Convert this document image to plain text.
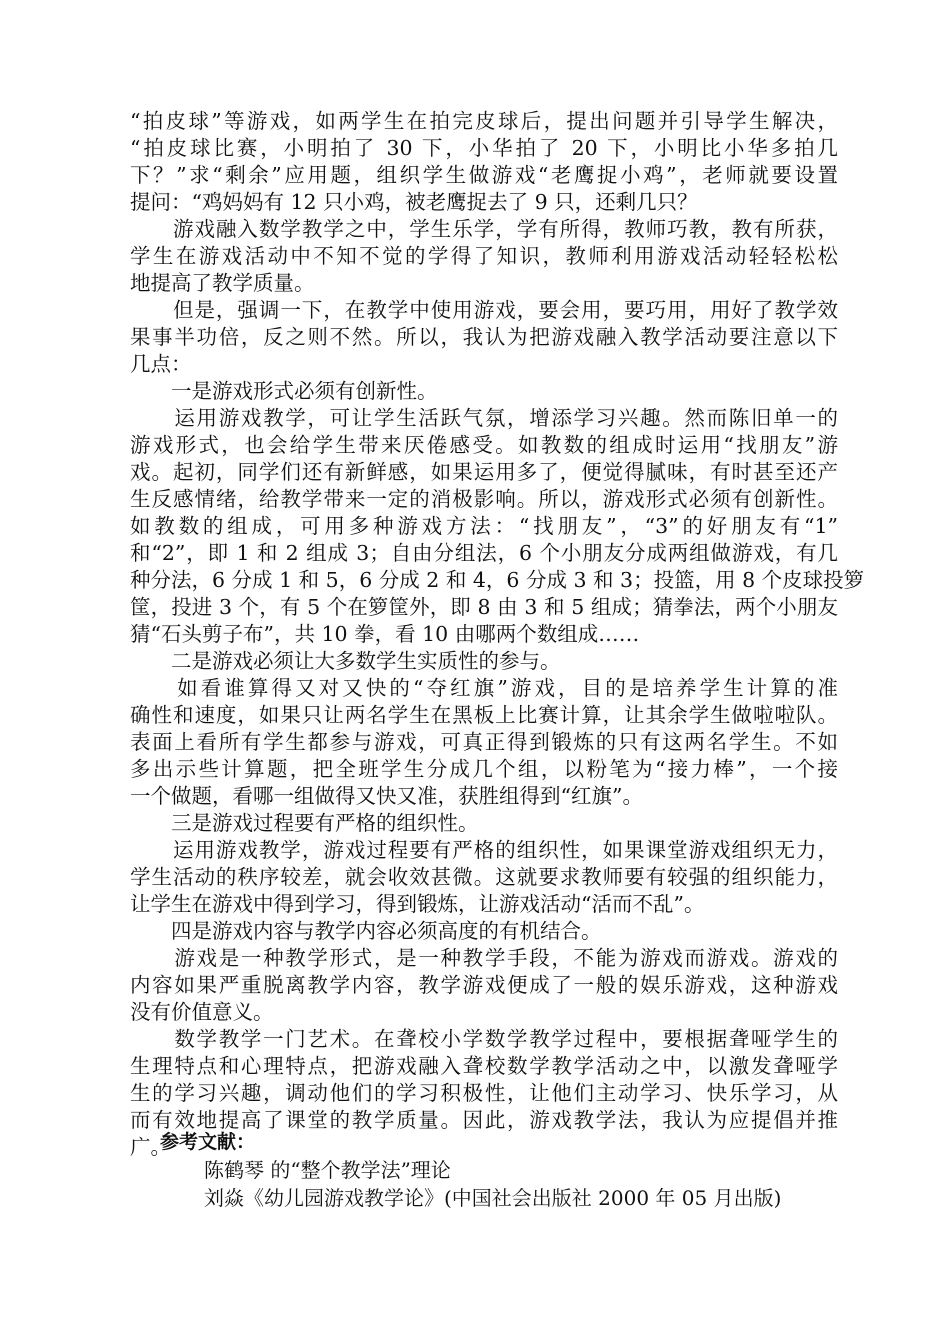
“拍皮球”等游戏，如两学生在拍完皮球后，提出问题并引导学生解决，
“拍皮球比赛，小明拍了 30 下，小华拍了 20 下，小明比小华多拍几
下？”求“剩余”应用题，组织学生做游戏“老鹰捉小鸡”，老师就要设置
提问：“鸡妈妈有 12 只小鸡，被老鹰捉去了 9 只，还剩几只？
　　游戏融入数学教学之中，学生乐学，学有所得，教师巧教，教有所获，
学生在游戏活动中不知不觉的学得了知识，教师利用游戏活动轻轻松松
地提高了教学质量。
　　但是，强调一下，在教学中使用游戏，要会用，要巧用，用好了教学效
果事半功倍，反之则不然。所以，我认为把游戏融入教学活动要注意以下
几点：
　　一是游戏形式必须有创新性。
　　运用游戏教学，可让学生活跃气氛，增添学习兴趣。然而陈旧单一的
游戏形式，也会给学生带来厌倦感受。如教数的组成时运用“找朋友”游
戏。起初，同学们还有新鲜感，如果运用多了，便觉得腻味，有时甚至还产
生反感情绪，给教学带来一定的消极影响。所以，游戏形式必须有创新性。
如教数的组成，可用多种游戏方法：“找朋友”，“3”的好朋友有“1”
和“2”，即 1 和 2 组成 3；自由分组法，6 个小朋友分成两组做游戏，有几
种分法，6 分成 1 和 5，6 分成 2 和 4，6 分成 3 和 3；投篮，用 8 个皮球投箩
筐，投进 3 个，有 5 个在箩筐外，即 8 由 3 和 5 组成；猜拳法，两个小朋友
猜“石头剪子布”，共 10 拳，看 10 由哪两个数组成……
　　二是游戏必须让大多数学生实质性的参与。
　　如看谁算得又对又快的“夺红旗”游戏，目的是培养学生计算的准
确性和速度，如果只让两名学生在黑板上比赛计算，让其余学生做啦啦队。
表面上看所有学生都参与游戏，可真正得到锻炼的只有这两名学生。不如
多出示些计算题，把全班学生分成几个组，以粉笔为“接力棒”，一个接
一个做题，看哪一组做得又快又准，获胜组得到“红旗”。
　　三是游戏过程要有严格的组织性。
　　运用游戏教学，游戏过程要有严格的组织性，如果课堂游戏组织无力，
学生活动的秩序较差，就会收效甚微。这就要求教师要有较强的组织能力，
让学生在游戏中得到学习，得到锻炼，让游戏活动“活而不乱”。
　　四是游戏内容与教学内容必须高度的有机结合。
　　游戏是一种教学形式，是一种教学手段，不能为游戏而游戏。游戏的
内容如果严重脱离教学内容，教学游戏便成了一般的娱乐游戏，这种游戏
没有价值意义。
　　数学教学一门艺术。在聋校小学数学教学过程中，要根据聋哑学生的
生理特点和心理特点，把游戏融入聋校数学教学活动之中，以激发聋哑学
生的学习兴趣，调动他们的学习积极性，让他们主动学习、快乐学习，从
而有效地提高了课堂的教学质量。因此，游戏教学法，我认为应提倡并推
广。
参考文献：
陈鹤琴 的“整个教学法”理论
刘焱《幼儿园游戏教学论》(中国社会出版社 2000 年 05 月出版)
